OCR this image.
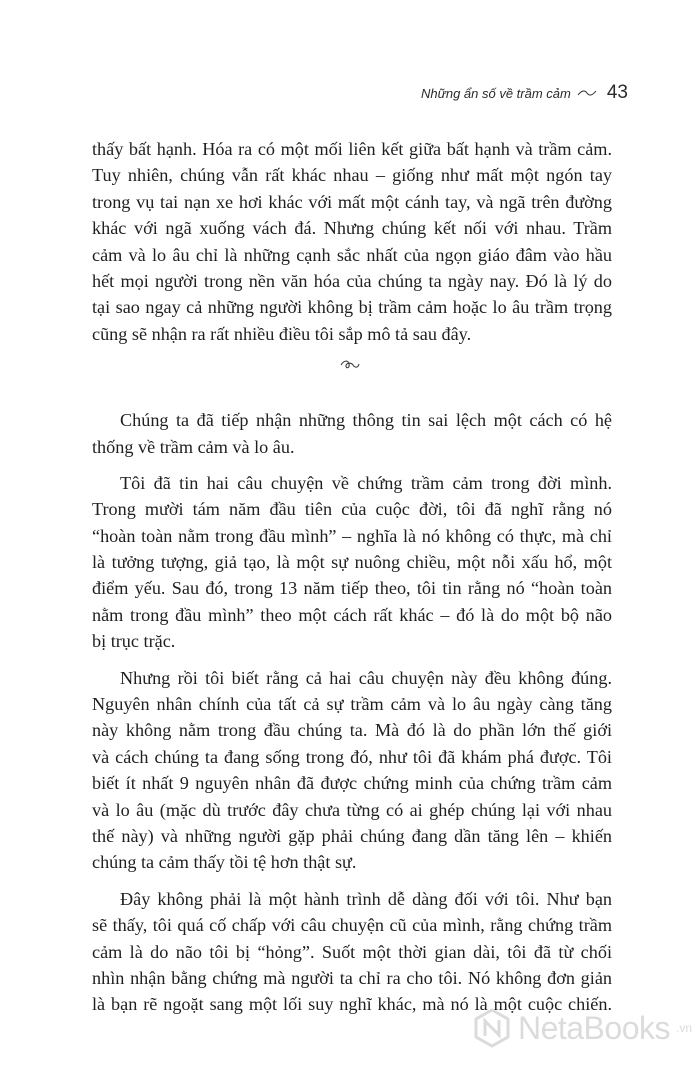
Những ẩn số về trầm cảm 43
thấy bất hạnh. Hóa ra có một mối liên kết giữa bất hạnh và trầm cảm.
Tuy nhiên, chúng vẫn rất khác nhau – giống như mất một ngón tay
trong vụ tai nạn xe hơi khác với mất một cánh tay, và ngã trên đường
khác với ngã xuống vách đá. Nhưng chúng kết nối với nhau. Trầm
cảm và lo âu chỉ là những cạnh sắc nhất của ngọn giáo đâm vào hầu
hết mọi người trong nền văn hóa của chúng ta ngày nay. Đó là lý do
tại sao ngay cả những người không bị trầm cảm hoặc lo âu trầm trọng
cũng sẽ nhận ra rất nhiều điều tôi sắp mô tả sau đây.
Chúng ta đã tiếp nhận những thông tin sai lệch một cách có hệ
thống về trầm cảm và lo âu.
Tôi đã tin hai câu chuyện về chứng trầm cảm trong đời mình.
Trong mười tám năm đầu tiên của cuộc đời, tôi đã nghĩ rằng nó
“hoàn toàn nằm trong đầu mình” – nghĩa là nó không có thực, mà chỉ
là tưởng tượng, giả tạo, là một sự nuông chiều, một nỗi xấu hổ, một
điểm yếu. Sau đó, trong 13 năm tiếp theo, tôi tin rằng nó “hoàn toàn
nằm trong đầu mình” theo một cách rất khác – đó là do một bộ não
bị trục trặc.
Nhưng rồi tôi biết rằng cả hai câu chuyện này đều không đúng.
Nguyên nhân chính của tất cả sự trầm cảm và lo âu ngày càng tăng
này không nằm trong đầu chúng ta. Mà đó là do phần lớn thế giới
và cách chúng ta đang sống trong đó, như tôi đã khám phá được. Tôi
biết ít nhất 9 nguyên nhân đã được chứng minh của chứng trầm cảm
và lo âu (mặc dù trước đây chưa từng có ai ghép chúng lại với nhau
thế này) và những người gặp phải chúng đang dần tăng lên – khiến
chúng ta cảm thấy tồi tệ hơn thật sự.
Đây không phải là một hành trình dễ dàng đối với tôi. Như bạn
sẽ thấy, tôi quá cố chấp với câu chuyện cũ của mình, rằng chứng trầm
cảm là do não tôi bị “hỏng”. Suốt một thời gian dài, tôi đã từ chối
nhìn nhận bằng chứng mà người ta chỉ ra cho tôi. Nó không đơn giản
là bạn rẽ ngoặt sang một lối suy nghĩ khác, mà nó là một cuộc chiến.
NetaBooks .vn
